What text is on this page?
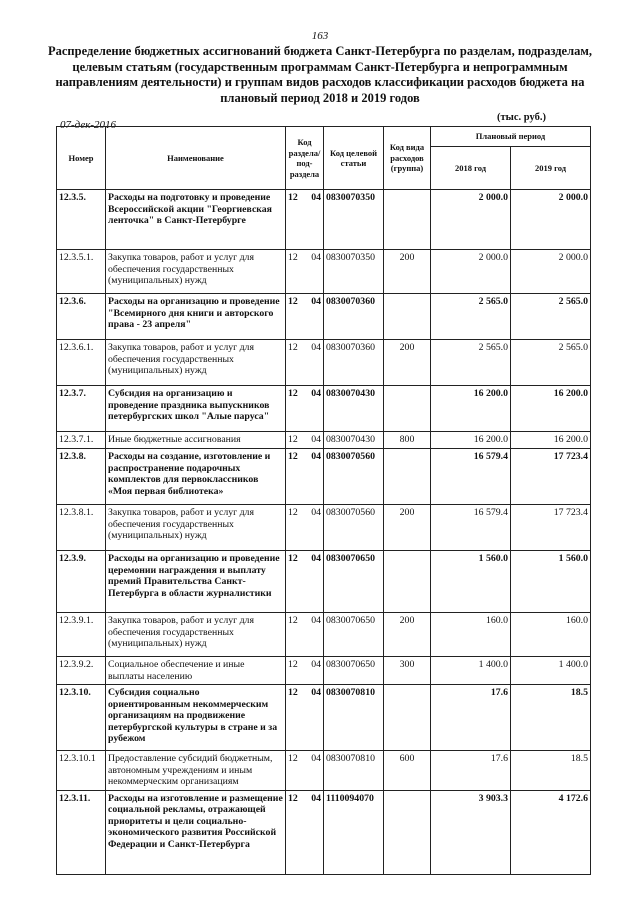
163
Распределение бюджетных ассигнований бюджета Санкт-Петербурга по разделам, подразделам, целевым статьям (государственным программам Санкт-Петербурга и непрограммным направлениям деятельности) и группам видов расходов классификации расходов бюджета на плановый период 2018 и 2019 годов
07-дек-2016
(тыс. руб.)
Номер	Наименование	Код раздела/ под- раздела	Код целевой статьи	Код вида расходов (группа)	Плановый период	
					2018 год	2019 год
12.3.5.	Расходы на подготовку и проведение Всероссийской акции "Георгиевская ленточка" в Санкт-Петербурге	12 04	0830070350		2 000.0	2 000.0
12.3.5.1.	Закупка товаров, работ и услуг для обеспечения государственных (муниципальных) нужд	12 04	0830070350	200	2 000.0	2 000.0
12.3.6.	Расходы на организацию и проведение "Всемирного дня книги и авторского права - 23 апреля"	12 04	0830070360		2 565.0	2 565.0
12.3.6.1.	Закупка товаров, работ и услуг для обеспечения государственных (муниципальных) нужд	12 04	0830070360	200	2 565.0	2 565.0
12.3.7.	Субсидия на организацию и проведение праздника выпускников петербургских школ "Алые паруса"	12 04	0830070430		16 200.0	16 200.0
12.3.7.1.	Иные бюджетные ассигнования	12 04	0830070430	800	16 200.0	16 200.0
12.3.8.	Расходы на создание, изготовление и распространение подарочных комплектов для первоклассников «Моя первая библиотека»	12 04	0830070560		16 579.4	17 723.4
12.3.8.1.	Закупка товаров, работ и услуг для обеспечения государственных (муниципальных) нужд	12 04	0830070560	200	16 579.4	17 723.4
12.3.9.	Расходы на организацию и проведение церемонии награждения и выплату премий Правительства Санкт-Петербурга в области журналистики	12 04	0830070650		1 560.0	1 560.0
12.3.9.1.	Закупка товаров, работ и услуг для обеспечения государственных (муниципальных) нужд	12 04	0830070650	200	160.0	160.0
12.3.9.2.	Социальное обеспечение и иные выплаты населению	12 04	0830070650	300	1 400.0	1 400.0
12.3.10.	Субсидия социально ориентированным некоммерческим организациям на продвижение петербургской культуры в стране и за рубежом	12 04	0830070810		17.6	18.5
12.3.10.1	Предоставление субсидий бюджетным, автономным учреждениям и иным некоммерческим организациям	12 04	0830070810	600	17.6	18.5
12.3.11.	Расходы на изготовление и размещение социальной рекламы, отражающей приоритеты и цели социально-экономического развития Российской Федерации и Санкт-Петербурга	12 04	1110094070		3 903.3	4 172.6
